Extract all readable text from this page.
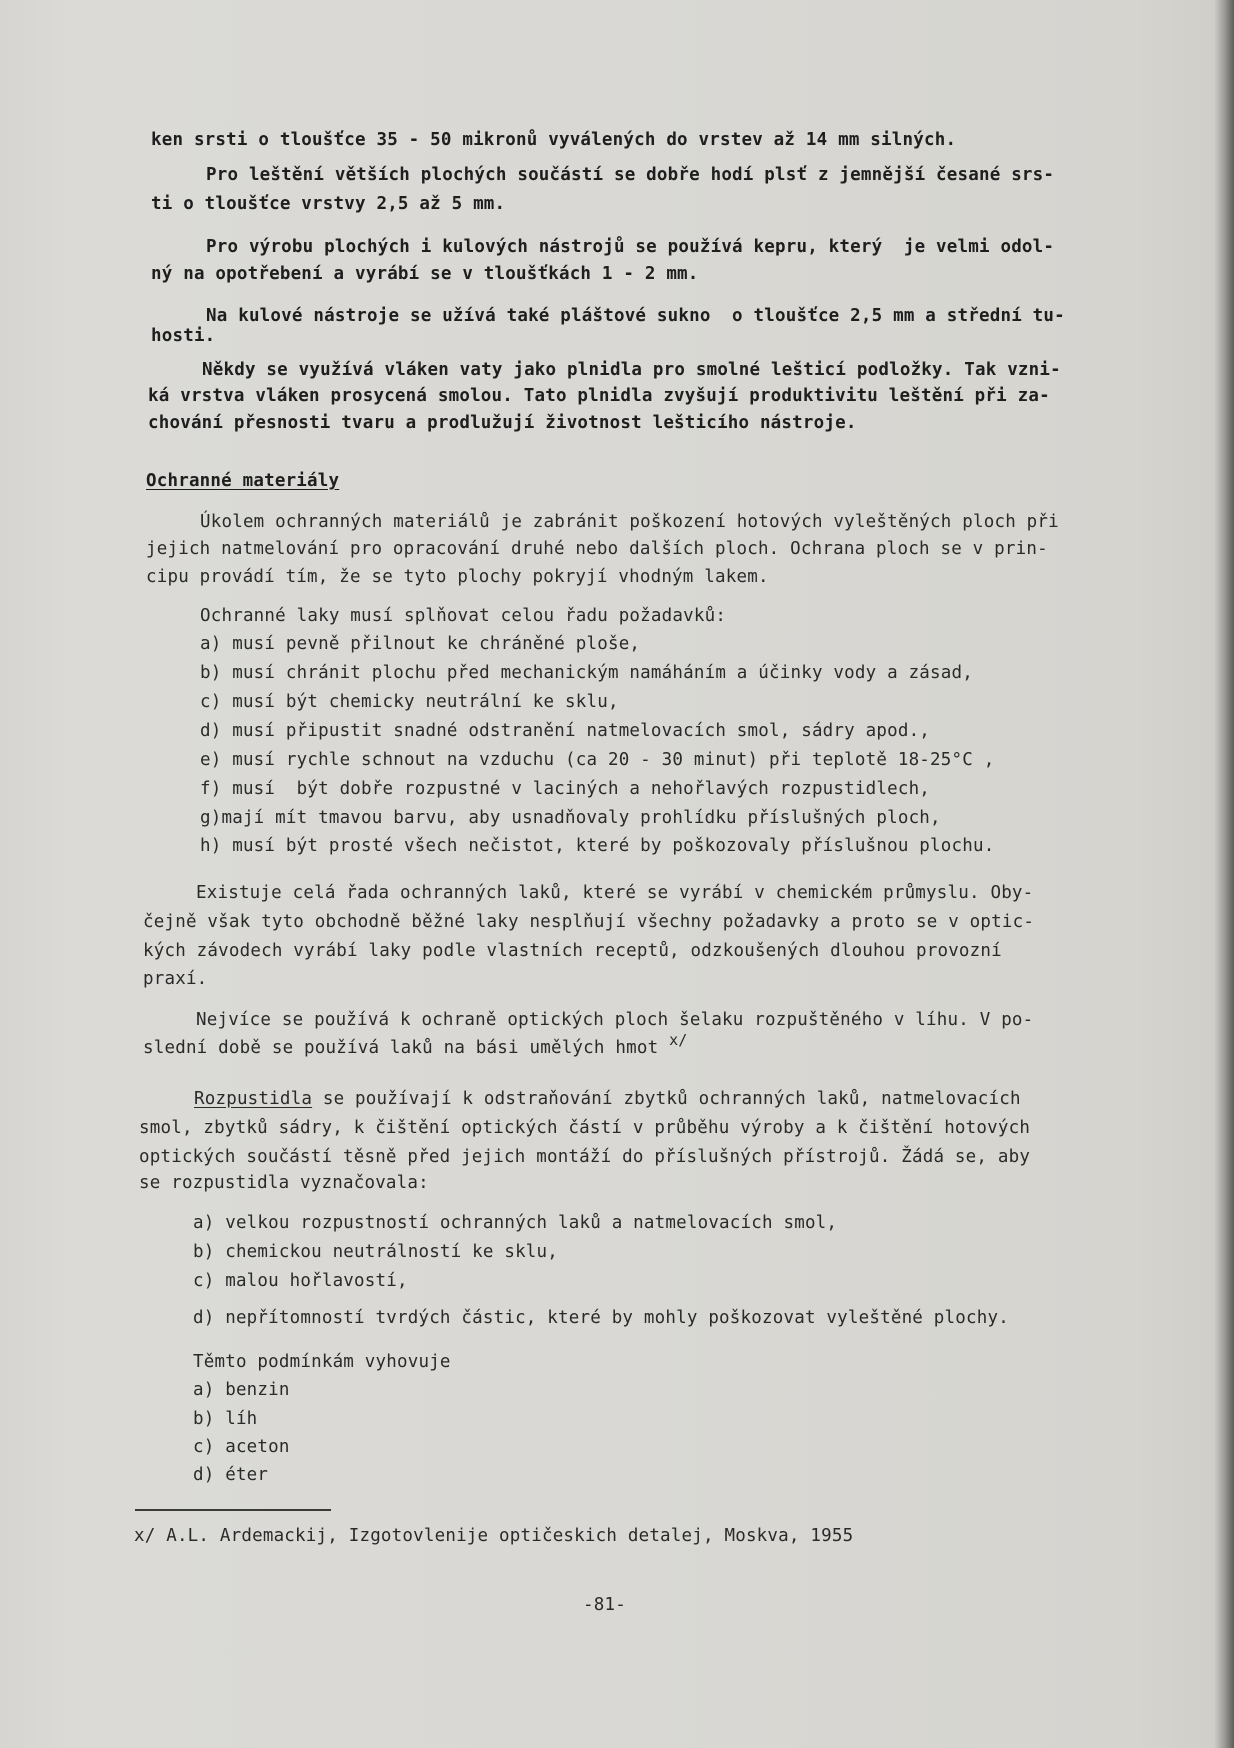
ken srsti o tloušťce 35 - 50 mikronů vyválených do vrstev až 14 mm silných.
Pro leštění větších plochých součástí se dobře hodí plsť z jemnější česané srs-
ti o tloušťce vrstvy 2,5 až 5 mm.
Pro výrobu plochých i kulových nástrojů se používá kepru, který  je velmi odol-
ný na opotřebení a vyrábí se v tloušťkách 1 - 2 mm.
Na kulové nástroje se užívá také pláštové sukno  o tloušťce 2,5 mm a střední tu-
hosti.
Někdy se využívá vláken vaty jako plnidla pro smolné lešticí podložky. Tak vzni-
ká vrstva vláken prosycená smolou. Tato plnidla zvyšují produktivitu leštění při za-
chování přesnosti tvaru a prodlužují životnost lešticího nástroje.
Ochranné materiály
Úkolem ochranných materiálů je zabránit poškození hotových vyleštěných ploch při
jejich natmelování pro opracování druhé nebo dalších ploch. Ochrana ploch se v prin-
cipu provádí tím, že se tyto plochy pokryjí vhodným lakem.
Ochranné laky musí splňovat celou řadu požadavků:
a) musí pevně přilnout ke chráněné ploše,
b) musí chránit plochu před mechanickým namáháním a účinky vody a zásad,
c) musí být chemicky neutrální ke sklu,
d) musí připustit snadné odstranění natmelovacích smol, sádry apod.,
e) musí rychle schnout na vzduchu (ca 20 - 30 minut) při teplotě 18-25°C ,
f) musí  být dobře rozpustné v laciných a nehořlavých rozpustidlech,
g)mají mít tmavou barvu, aby usnadňovaly prohlídku příslušných ploch,
h) musí být prosté všech nečistot, které by poškozovaly příslušnou plochu.
Existuje celá řada ochranných laků, které se vyrábí v chemickém průmyslu. Oby-
čejně však tyto obchodně běžné laky nesplňují všechny požadavky a proto se v optic-
kých závodech vyrábí laky podle vlastních receptů, odzkoušených dlouhou provozní
praxí.
Nejvíce se používá k ochraně optických ploch šelaku rozpuštěného v líhu. V po-
slední době se používá laků na bási umělých hmot x/
Rozpustidla se používají k odstraňování zbytků ochranných laků, natmelovacích
smol, zbytků sádry, k čištění optických částí v průběhu výroby a k čištění hotových
optických součástí těsně před jejich montáží do příslušných přístrojů. Žádá se, aby
se rozpustidla vyznačovala:
a) velkou rozpustností ochranných laků a natmelovacích smol,
b) chemickou neutrálností ke sklu,
c) malou hořlavostí,
d) nepřítomností tvrdých částic, které by mohly poškozovat vyleštěné plochy.
Těmto podmínkám vyhovuje
a) benzin
b) líh
c) aceton
d) éter
x/ A.L. Ardemackij, Izgotovlenije optičeskich detalej, Moskva, 1955
-81-
